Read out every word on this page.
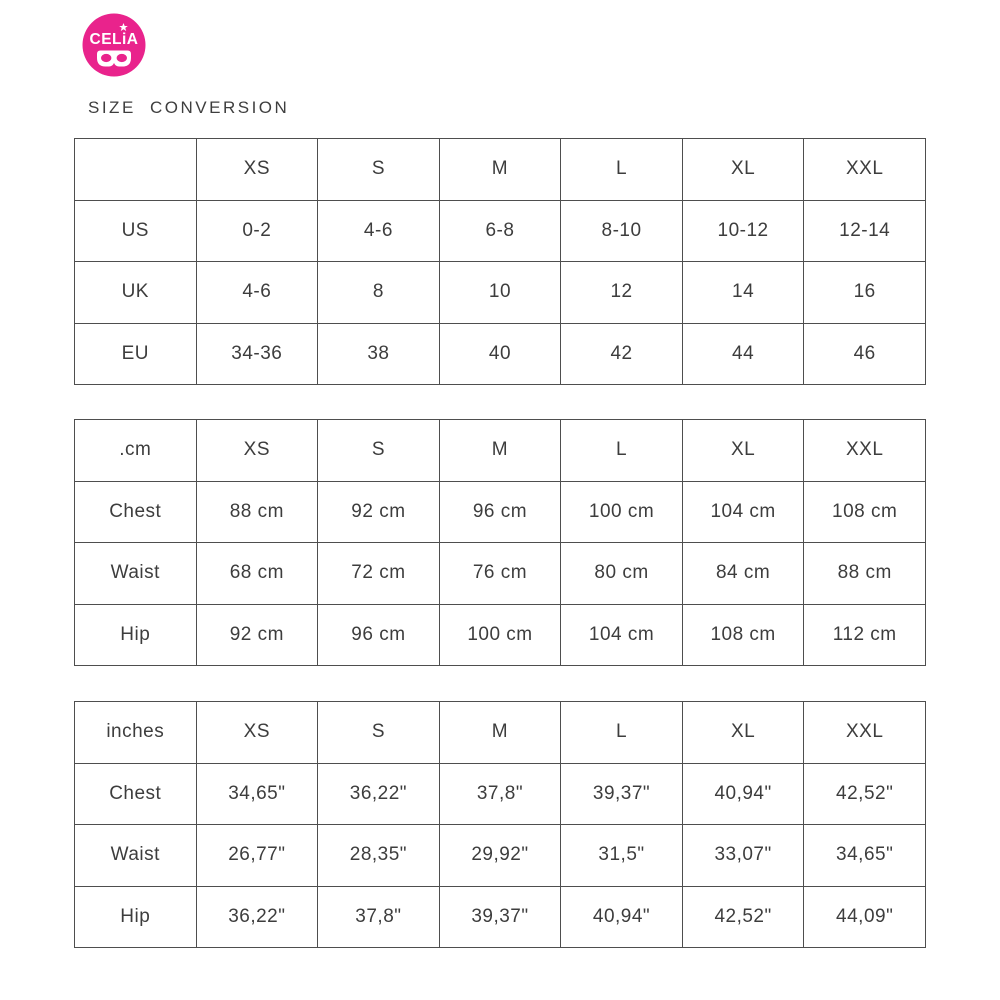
CELiA
SIZE CONVERSION
	XS	S	M	L	XL	XXL
US	0-2	4-6	6-8	8-10	10-12	12-14
UK	4-6	8	10	12	14	16
EU	34-36	38	40	42	44	46
.cm	XS	S	M	L	XL	XXL
Chest	88 cm	92 cm	96 cm	100 cm	104 cm	108 cm
Waist	68 cm	72 cm	76 cm	80 cm	84 cm	88 cm
Hip	92 cm	96 cm	100 cm	104 cm	108 cm	112 cm
inches	XS	S	M	L	XL	XXL
Chest	34,65"	36,22"	37,8"	39,37"	40,94"	42,52"
Waist	26,77"	28,35"	29,92"	31,5"	33,07"	34,65"
Hip	36,22"	37,8"	39,37"	40,94"	42,52"	44,09"
